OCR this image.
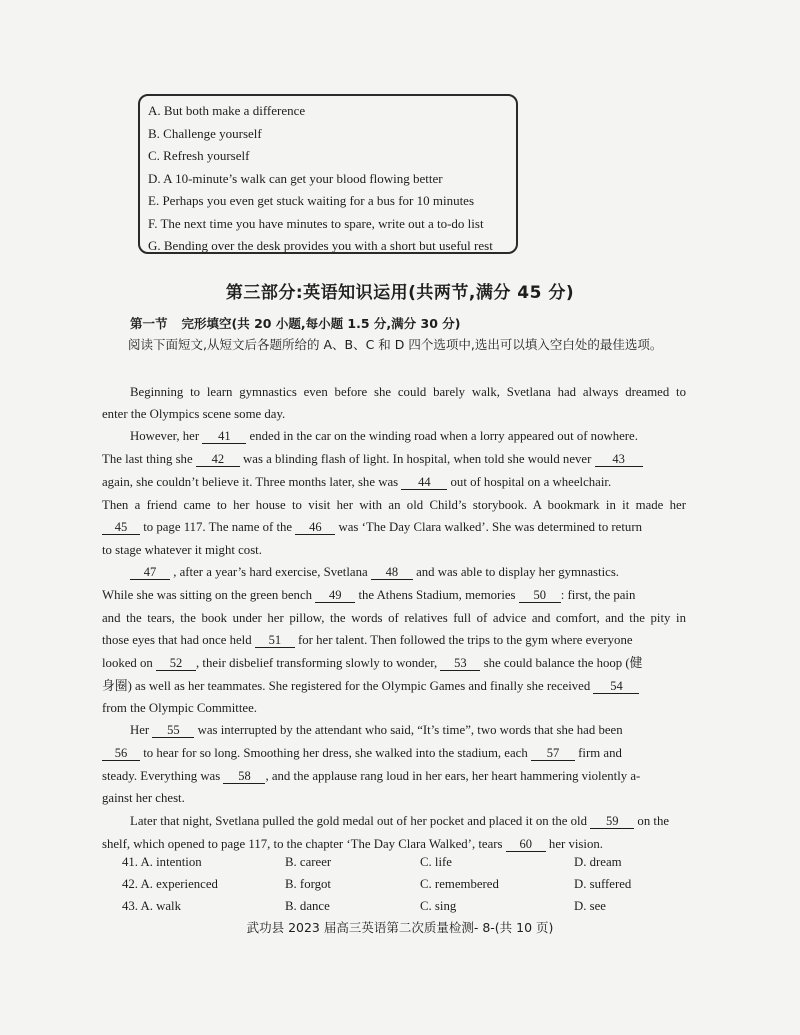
A. But both make a difference
B. Challenge yourself
C. Refresh yourself
D. A 10-minute’s walk can get your blood flowing better
E. Perhaps you even get stuck waiting for a bus for 10 minutes
F. The next time you have minutes to spare, write out a to-do list
G. Bending over the desk provides you with a short but useful rest
第三部分:英语知识运用(共两节,满分 45 分)
第一节 完形填空(共 20 小题,每小题 1.5 分,满分 30 分)
阅读下面短文,从短文后各题所给的 A、B、C 和 D 四个选项中,选出可以填入空白处的最佳选项。
Beginning to learn gymnastics even before she could barely walk, Svetlana had always dreamed to
enter the Olympics scene some day.
However, her 41 ended in the car on the winding road when a lorry appeared out of nowhere.
The last thing she 42 was a blinding flash of light. In hospital, when told she would never 43
again, she couldn’t believe it. Three months later, she was 44 out of hospital on a wheelchair.
Then a friend came to her house to visit her with an old Child’s storybook. A bookmark in it made her
45 to page 117. The name of the 46 was ‘The Day Clara walked’. She was determined to return
to stage whatever it might cost.
47 , after a year’s hard exercise, Svetlana 48 and was able to display her gymnastics.
While she was sitting on the green bench 49 the Athens Stadium, memories 50 : first, the pain
and the tears, the book under her pillow, the words of relatives full of advice and comfort, and the pity in
those eyes that had once held 51 for her talent. Then followed the trips to the gym where everyone
looked on 52 , their disbelief transforming slowly to wonder, 53 she could balance the hoop (健
身圈) as well as her teammates. She registered for the Olympic Games and finally she received 54
from the Olympic Committee.
Her 55 was interrupted by the attendant who said, “It’s time”, two words that she had been
56 to hear for so long. Smoothing her dress, she walked into the stadium, each 57 firm and
steady. Everything was 58 , and the applause rang loud in her ears, her heart hammering violently a-
gainst her chest.
Later that night, Svetlana pulled the gold medal out of her pocket and placed it on the old 59 on the
shelf, which opened to page 117, to the chapter ‘The Day Clara Walked’, tears 60 her vision.
41. A. intention	B. career	C. life	D. dream
42. A. experienced	B. forgot	C. remembered	D. suffered
43. A. walk	B. dance	C. sing	D. see
武功县 2023 届高三英语第二次质量检测- 8-(共 10 页)
